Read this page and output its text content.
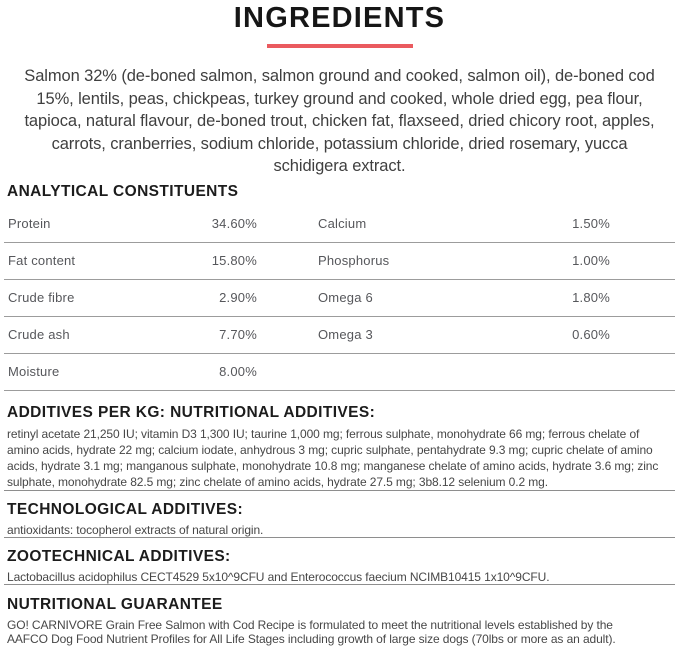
INGREDIENTS

Salmon 32% (de-boned salmon, salmon ground and cooked, salmon oil), de-boned cod 15%, lentils, peas, chickpeas, turkey ground and cooked, whole dried egg, pea flour, tapioca, natural flavour, de-boned trout, chicken fat, flaxseed, dried chicory root, apples, carrots, cranberries, sodium chloride, potassium chloride, dried rosemary, yucca schidigera extract.

ANALYTICAL CONSTITUENTS
Protein	34.60%	Calcium	1.50%
Fat content	15.80%	Phosphorus	1.00%
Crude fibre	2.90%	Omega 6	1.80%
Crude ash	7.70%	Omega 3	0.60%
Moisture	8.00%
ADDITIVES PER KG: NUTRITIONAL ADDITIVES:

retinyl acetate 21,250 IU; vitamin D3 1,300 IU; taurine 1,000 mg; ferrous sulphate, monohydrate 66 mg; ferrous chelate of amino acids, hydrate 22 mg; calcium iodate, anhydrous 3 mg; cupric sulphate, pentahydrate 9.3 mg; cupric chelate of amino acids, hydrate 3.1 mg; manganous sulphate, monohydrate 10.8 mg; manganese chelate of amino acids, hydrate 3.6 mg; zinc sulphate, monohydrate 82.5 mg; zinc chelate of amino acids, hydrate 27.5 mg; 3b8.12 selenium 0.2 mg.

TECHNOLOGICAL ADDITIVES:

antioxidants: tocopherol extracts of natural origin.

ZOOTECHNICAL ADDITIVES:

Lactobacillus acidophilus CECT4529 5x10^9CFU and Enterococcus faecium NCIMB10415 1x10^9CFU.

NUTRITIONAL GUARANTEE

GO! CARNIVORE Grain Free Salmon with Cod Recipe is formulated to meet the nutritional levels established by the AAFCO Dog Food Nutrient Profiles for All Life Stages including growth of large size dogs (70lbs or more as an adult).
